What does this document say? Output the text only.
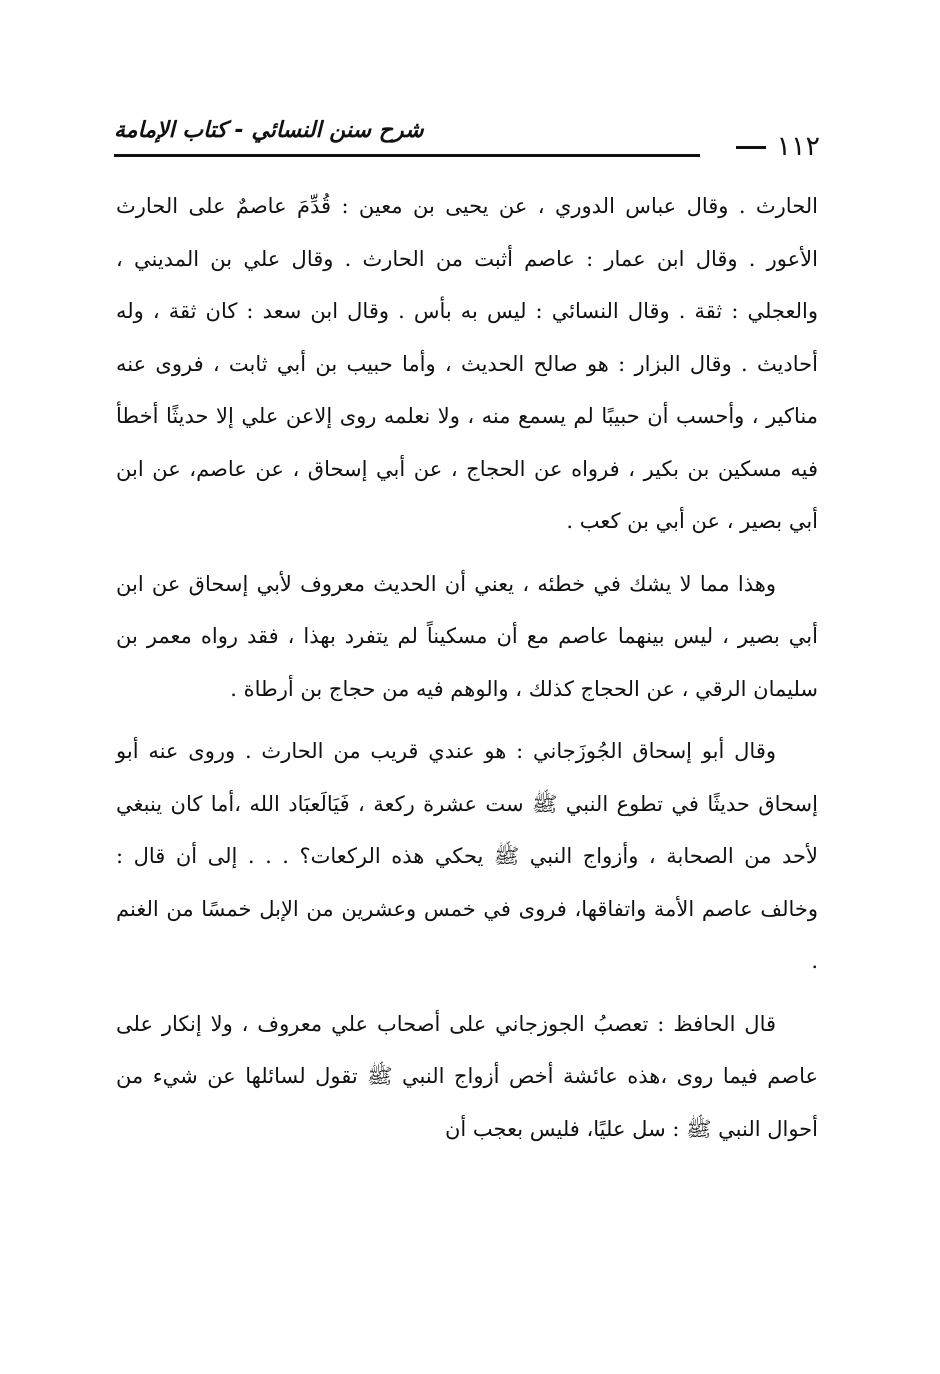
شرح سنن النسائي - كتاب الإمامة
١١٢

الحارث . وقال عباس الدوري ، عن يحيى بن معين : قُدِّمَ عاصمٌ على الحارث الأعور . وقال ابن عمار : عاصم أثبت من الحارث . وقال علي بن المديني ، والعجلي : ثقة . وقال النسائي : ليس به بأس . وقال ابن سعد : كان ثقة ، وله أحاديث . وقال البزار : هو صالح الحديث ، وأما حبيب بن أبي ثابت ، فروى عنه مناكير ، وأحسب أن حبيبًا لم يسمع منه ، ولا نعلمه روى إلاعن علي إلا حديثًا أخطأ فيه مسكين بن بكير ، فرواه عن الحجاج ، عن أبي إسحاق ، عن عاصم، عن ابن أبي بصير ، عن أبي بن كعب .

وهذا مما لا يشك في خطئه ، يعني أن الحديث معروف لأبي إسحاق عن ابن أبي بصير ، ليس بينهما عاصم مع أن مسكيناً لم يتفرد بهذا ، فقد رواه معمر بن سليمان الرقي ، عن الحجاج كذلك ، والوهم فيه من حجاج بن أرطاة .

وقال أبو إسحاق الجُوزَجاني : هو عندي قريب من الحارث . وروى عنه أبو إسحاق حديثًا في تطوع النبي ﷺ ست عشرة ركعة ، فَيَالَعبَاد الله ،أما كان ينبغي لأحد من الصحابة ، وأزواج النبي ﷺ يحكي هذه الركعات؟ . . . إلى أن قال : وخالف عاصم الأمة واتفاقها، فروى في خمس وعشرين من الإبل خمسًا من الغنم .

قال الحافظ : تعصبُ الجوزجاني على أصحاب علي معروف ، ولا إنكار على عاصم فيما روى ،هذه عائشة أخص أزواج النبي ﷺ تقول لسائلها عن شيء من أحوال النبي ﷺ : سل عليًا، فليس بعجب أن
